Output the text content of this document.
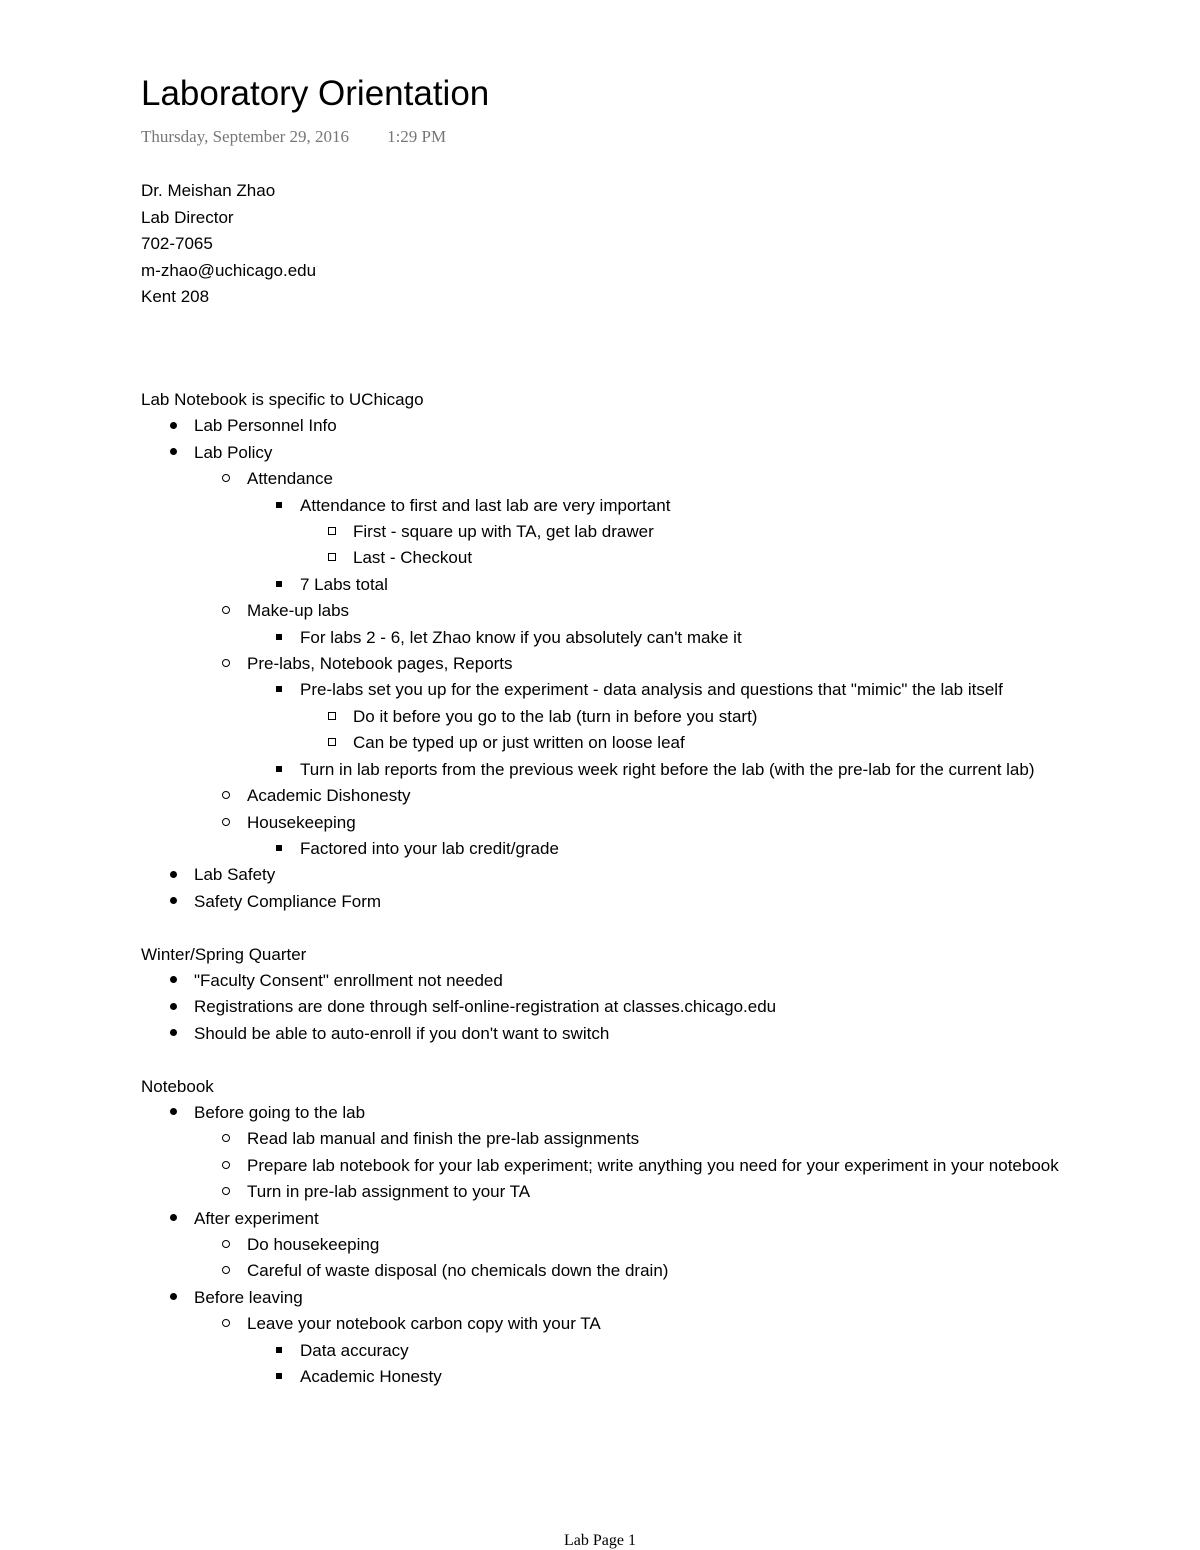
Laboratory Orientation
Thursday, September 29, 2016 1:29 PM
Dr. Meishan Zhao
Lab Director
702-7065
m-zhao@uchicago.edu
Kent 208
Lab Notebook is specific to UChicago
Lab Personnel Info
Lab Policy
Attendance
Attendance to first and last lab are very important
First - square up with TA, get lab drawer
Last - Checkout
7 Labs total
Make-up labs
For labs 2 - 6, let Zhao know if you absolutely can't make it
Pre-labs, Notebook pages, Reports
Pre-labs set you up for the experiment - data analysis and questions that "mimic" the lab itself
Do it before you go to the lab (turn in before you start)
Can be typed up or just written on loose leaf
Turn in lab reports from the previous week right before the lab (with the pre-lab for the current lab)
Academic Dishonesty
Housekeeping
Factored into your lab credit/grade
Lab Safety
Safety Compliance Form
Winter/Spring Quarter
"Faculty Consent" enrollment not needed
Registrations are done through self-online-registration at classes.chicago.edu
Should be able to auto-enroll if you don't want to switch
Notebook
Before going to the lab
Read lab manual and finish the pre-lab assignments
Prepare lab notebook for your lab experiment; write anything you need for your experiment in your notebook
Turn in pre-lab assignment to your TA
After experiment
Do housekeeping
Careful of waste disposal (no chemicals down the drain)
Before leaving
Leave your notebook carbon copy with your TA
Data accuracy
Academic Honesty
Lab Page 1
